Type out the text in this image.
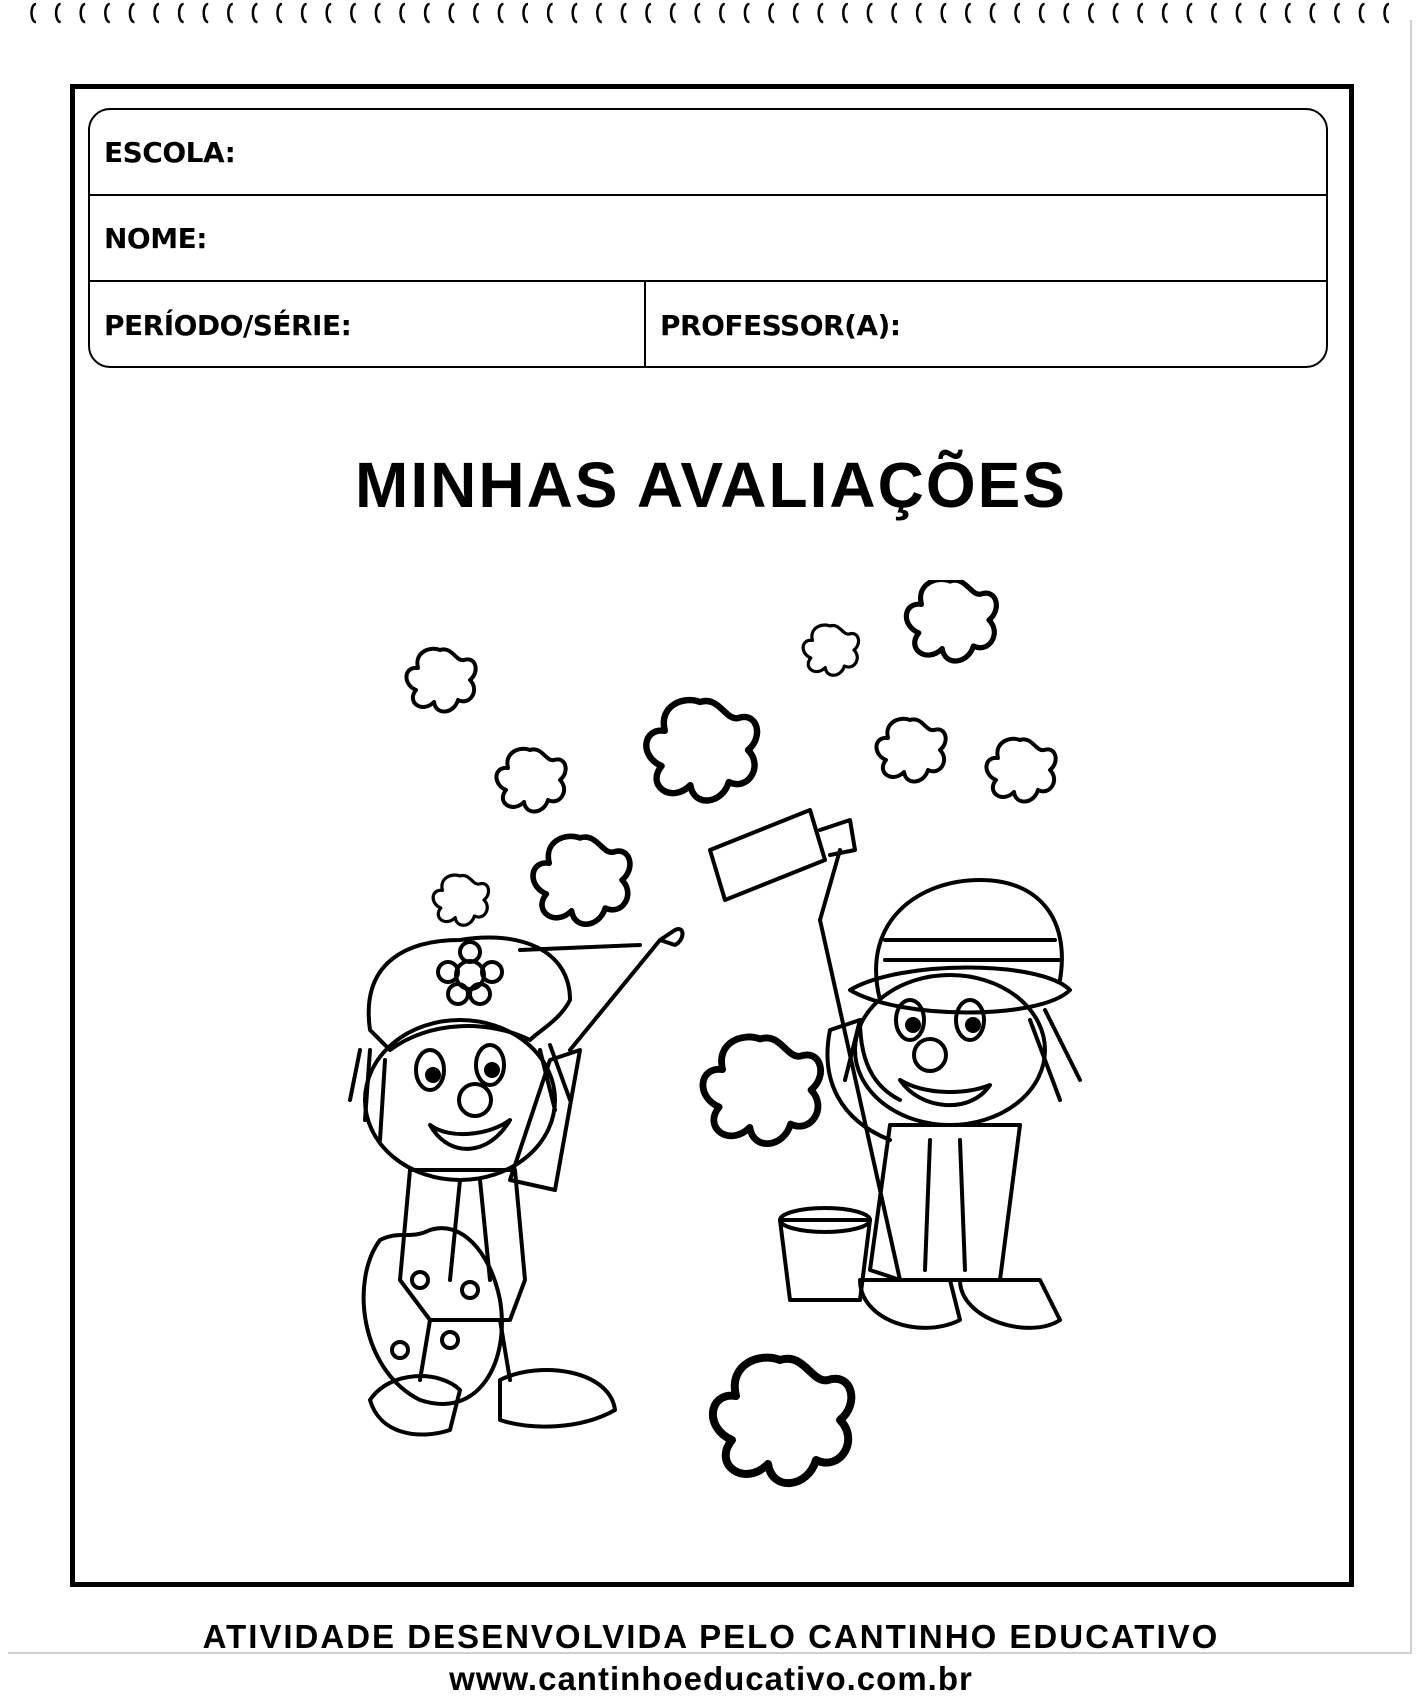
ESCOLA:
NOME:
PERÍODO/SÉRIE:	PROFESSOR(A):
MINHAS AVALIAÇÕES
ATIVIDADE DESENVOLVIDA PELO CANTINHO EDUCATIVO
www.cantinhoeducativo.com.br
